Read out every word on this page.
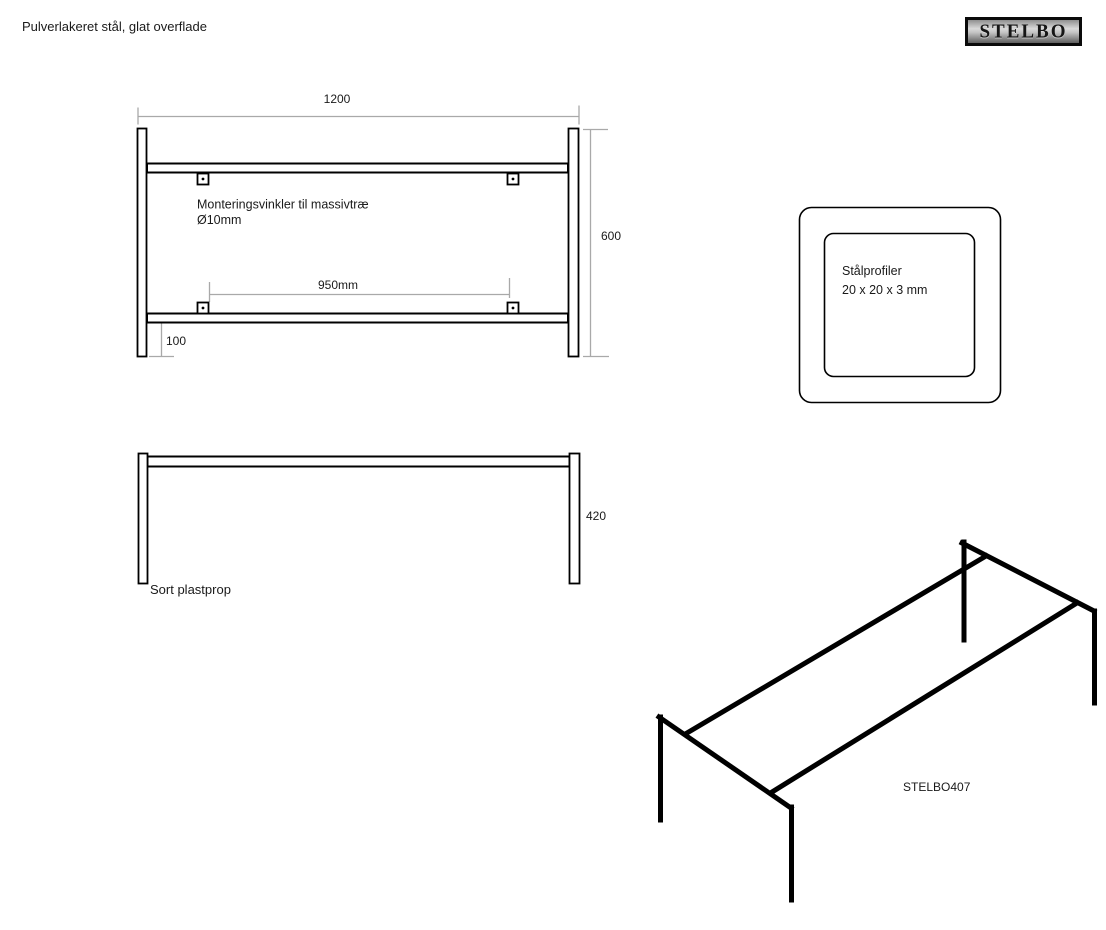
Pulverlakeret stål, glat overflade	STELBO
1200
600
950mm
100
Monteringsvinkler til massivtræ
Ø10mm
Stålprofiler
20 x 20 x 3 mm
420
Sort plastprop
STELBO407
